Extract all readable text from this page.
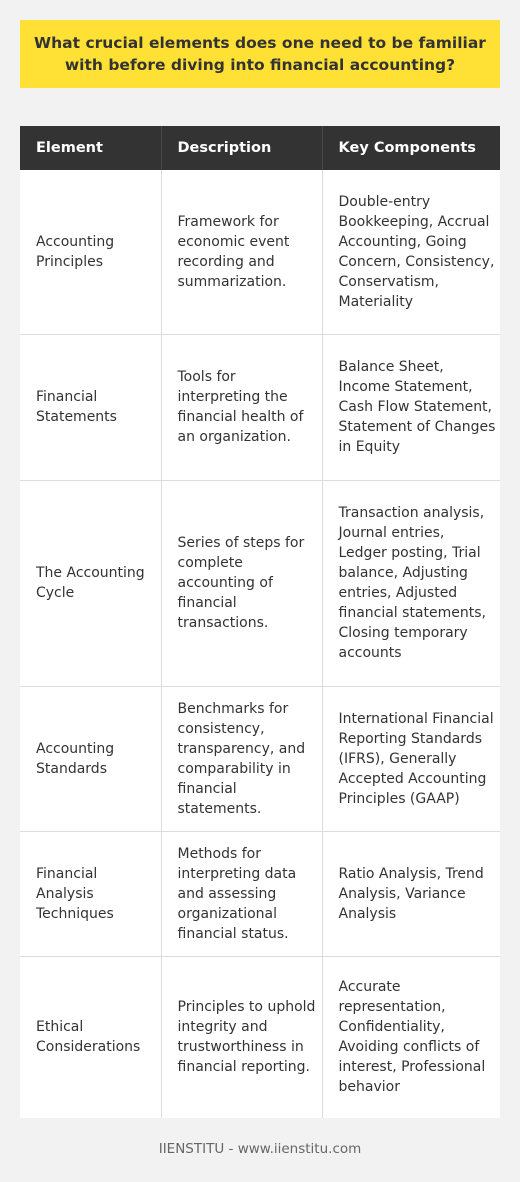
What crucial elements does one need to be familiar with before diving into financial accounting?
Element	Description	Key Components
Accounting Principles	Framework for economic event recording and summarization.	Double-entry Bookkeeping, Accrual Accounting, Going Concern, Consistency, Conservatism, Materiality
Financial Statements	Tools for interpreting the financial health of an organization.	Balance Sheet, Income Statement, Cash Flow Statement, Statement of Changes in Equity
The Accounting Cycle	Series of steps for complete accounting of financial transactions.	Transaction analysis, Journal entries, Ledger posting, Trial balance, Adjusting entries, Adjusted financial statements, Closing temporary accounts
Accounting Standards	Benchmarks for consistency, transparency, and comparability in financial statements.	International Financial Reporting Standards (IFRS), Generally Accepted Accounting Principles (GAAP)
Financial Analysis Techniques	Methods for interpreting data and assessing organizational financial status.	Ratio Analysis, Trend Analysis, Variance Analysis
Ethical Considerations	Principles to uphold integrity and trustworthiness in financial reporting.	Accurate representation, Confidentiality, Avoiding conflicts of interest, Professional behavior
IIENSTITU - www.iienstitu.com
